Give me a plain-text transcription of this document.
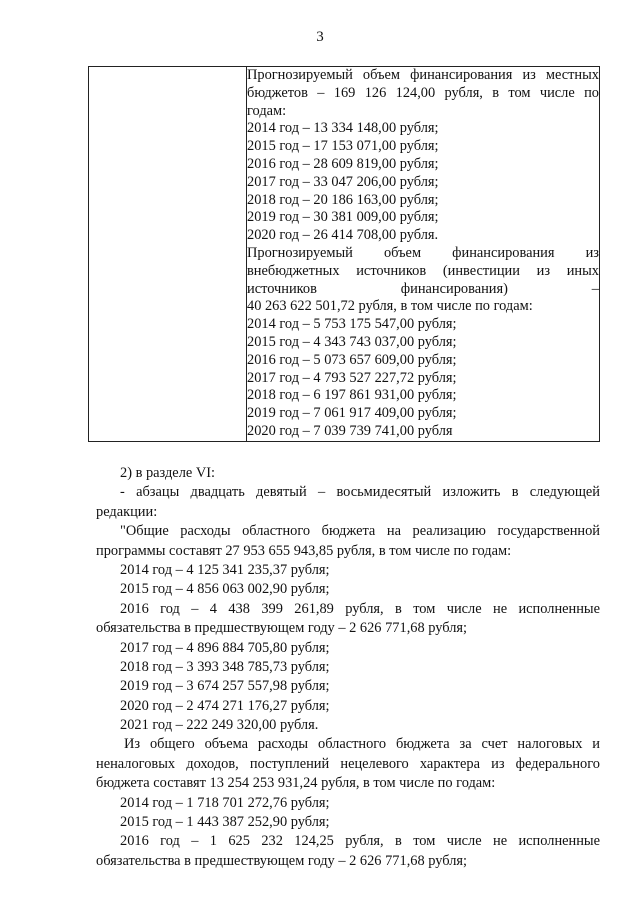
3

Прогнозируемый объем финансирования из местных
бюджетов – 169 126 124,00 рубля, в том числе по
годам:
2014 год – 13 334 148,00 рубля;
2015 год – 17 153 071,00 рубля;
2016 год – 28 609 819,00 рубля;
2017 год – 33 047 206,00 рубля;
2018 год – 20 186 163,00 рубля;
2019 год – 30 381 009,00 рубля;
2020 год – 26 414 708,00 рубля.
Прогнозируемый объем финансирования из
внебюджетных источников (инвестиции из иных
источников финансирования) –
40 263 622 501,72 рубля, в том числе по годам:
2014 год – 5 753 175 547,00 рубля;
2015 год – 4 343 743 037,00 рубля;
2016 год – 5 073 657 609,00 рубля;
2017 год – 4 793 527 227,72 рубля;
2018 год – 6 197 861 931,00 рубля;
2019 год – 7 061 917 409,00 рубля;
2020 год – 7 039 739 741,00 рубля
2) в разделе VI:
- абзацы двадцать девятый – восьмидесятый изложить в следующей
редакции:
"Общие расходы областного бюджета на реализацию государственной
программы составят 27 953 655 943,85 рубля, в том числе по годам:
2014 год – 4 125 341 235,37 рубля;
2015 год – 4 856 063 002,90 рубля;
2016 год – 4 438 399 261,89 рубля, в том числе не исполненные
обязательства в предшествующем году – 2 626 771,68 рубля;
2017 год – 4 896 884 705,80 рубля;
2018 год – 3 393 348 785,73 рубля;
2019 год – 3 674 257 557,98 рубля;
2020 год – 2 474 271 176,27 рубля;
2021 год – 222 249 320,00 рубля.
Из общего объема расходы областного бюджета за счет налоговых и
неналоговых доходов, поступлений нецелевого характера из федерального
бюджета составят 13 254 253 931,24 рубля, в том числе по годам:
2014 год – 1 718 701 272,76 рубля;
2015 год – 1 443 387 252,90 рубля;
2016 год – 1 625 232 124,25 рубля, в том числе не исполненные
обязательства в предшествующем году – 2 626 771,68 рубля;
